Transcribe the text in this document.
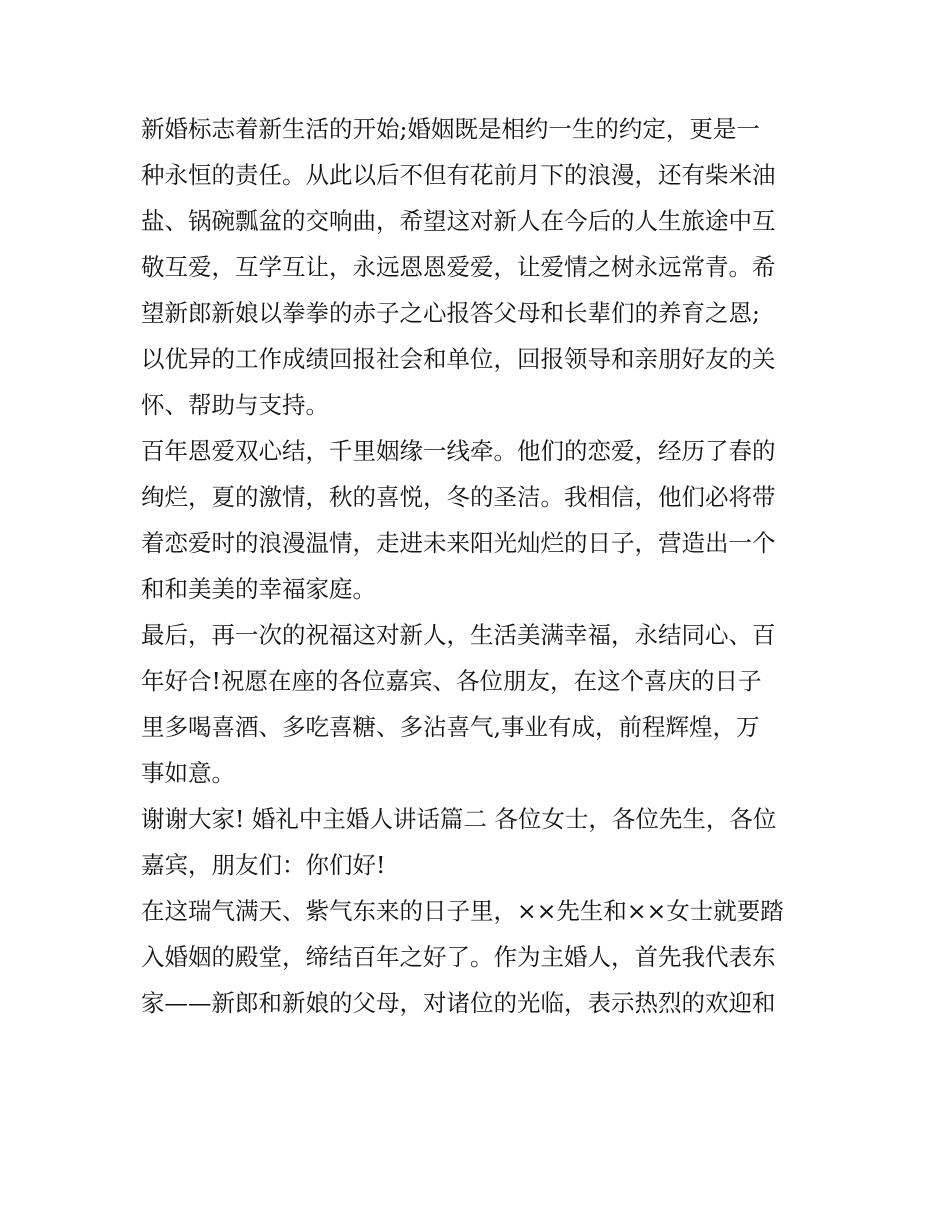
新婚标志着新生活的开始;婚姻既是相约一生的约定，更是一
种永恒的责任。从此以后不但有花前月下的浪漫，还有柴米油
盐、锅碗瓢盆的交响曲，希望这对新人在今后的人生旅途中互
敬互爱，互学互让，永远恩恩爱爱，让爱情之树永远常青。希
望新郎新娘以拳拳的赤子之心报答父母和长辈们的养育之恩;
以优异的工作成绩回报社会和单位，回报领导和亲朋好友的关
怀、帮助与支持。
百年恩爱双心结，千里姻缘一线牵。他们的恋爱，经历了春的
绚烂，夏的激情，秋的喜悦，冬的圣洁。我相信，他们必将带
着恋爱时的浪漫温情，走进未来阳光灿烂的日子，营造出一个
和和美美的幸福家庭。
最后，再一次的祝福这对新人，生活美满幸福，永结同心、百
年好合!祝愿在座的各位嘉宾、各位朋友，在这个喜庆的日子
里多喝喜酒、多吃喜糖、多沾喜气,事业有成，前程辉煌，万
事如意。
谢谢大家! 婚礼中主婚人讲话篇二 各位女士，各位先生，各位
嘉宾，朋友们：你们好!
在这瑞气满天、紫气东来的日子里，××先生和××女士就要踏
入婚姻的殿堂，缔结百年之好了。作为主婚人，首先我代表东
家——新郎和新娘的父母，对诸位的光临，表示热烈的欢迎和
